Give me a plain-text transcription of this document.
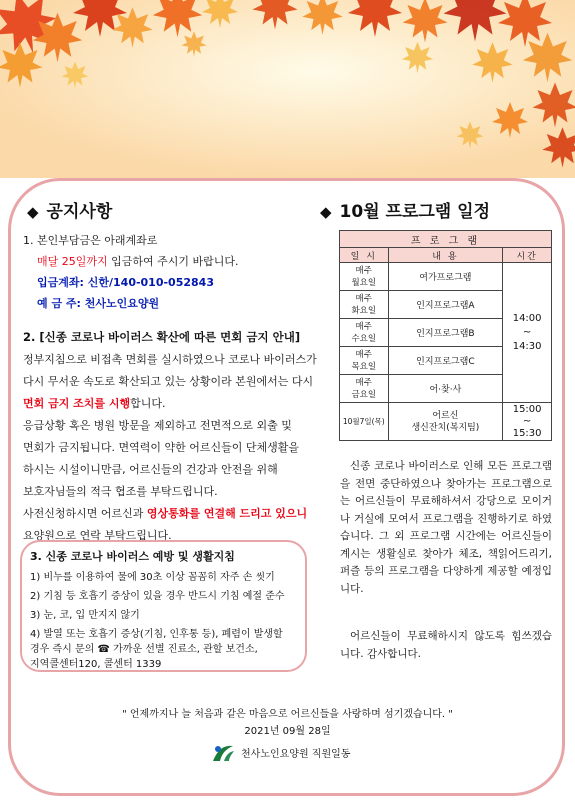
◆ 공지사항
1. 본인부담금은 아래계좌로
매달 25일까지 입금하여 주시기 바랍니다.
입금계좌: 신한/140-010-052843
예 금 주: 천사노인요양원
2. [신종 코로나 바이러스 확산에 따른 면회 금지 안내]
정부지침으로 비접촉 면회를 실시하였으나 코로나 바이러스가
다시 무서운 속도로 확산되고 있는 상황이라 본원에서는 다시
면회 금지 조치를 시행합니다.
응급상황 혹은 병원 방문을 제외하고 전면적으로 외출 및
면회가 금지됩니다. 면역력이 약한 어르신들이 단체생활을
하시는 시설이니만큼, 어르신들의 건강과 안전을 위해
보호자님들의 적극 협조를 부탁드립니다.
사전신청하시면 어르신과 영상통화를 연결해 드리고 있으니
요양원으로 연락 부탁드립니다.
3. 신종 코로나 바이러스 예방 및 생활지침
1) 비누를 이용하여 물에 30초 이상 꼼꼼히 자주 손 씻기
2) 기침 등 호흡기 증상이 있을 경우 반드시 기침 예절 준수
3) 눈, 코, 입 만지지 않기
4) 발열 또는 호흡기 증상(기침, 인후통 등), 폐렴이 발생할
경우 즉시 문의 ☎ 가까운 선별 진료소, 관할 보건소,
지역콜센터120, 콜센터 1339
◆ 10월 프로그램 일정
프 로 그 램		
일 시	내 용	시간
매주
월요일	여가프로그램	14:00
~
14:30
매주
화요일	인지프로그램A	
매주
수요일	인지프로그램B	
매주
목요일	인지프로그램C	
매주
금요일	어·찾·사	
10월7일(목)	어르신
생신잔치(복지팀)	15:00
~
15:30
신종 코로나 바이러스로 인해 모든 프로그램을 전면 중단하였으나 찾아가는 프로그램으로는 어르신들이 무료해하셔서 강당으로 모이거나 거실에 모여서 프로그램을 진행하기로 하였습니다. 그 외 프로그램 시간에는 어르신들이 계시는 생활실로 찾아가 체조, 책읽어드리기, 퍼즐 등의 프로그램을 다양하게 제공할 예정입니다.
어르신들이 무료해하시지 않도록 힘쓰겠습니다. 감사합니다.
" 언제까지나 늘 처음과 같은 마음으로 어르신들을 사랑하며 섬기겠습니다. "
2021년 09월 28일
천사노인요양원 직원일동
